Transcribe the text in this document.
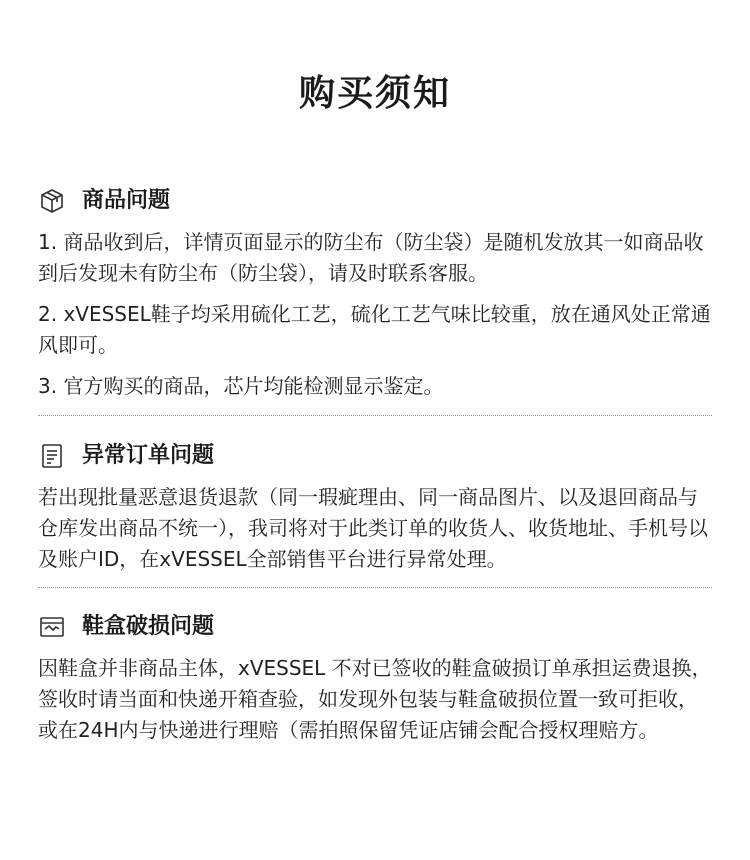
购买须知
商品问题

1. 商品收到后，详情页面显示的防尘布（防尘袋）是随机发放其一如商品收到后发现未有防尘布（防尘袋），请及时联系客服。

2. xVESSEL鞋子均采用硫化工艺，硫化工艺气味比较重，放在通风处正常通风即可。

3. 官方购买的商品，芯片均能检测显示鉴定。

异常订单问题

若出现批量恶意退货退款（同一瑕疵理由、同一商品图片、以及退回商品与仓库发出商品不统一），我司将对于此类订单的收货人、收货地址、手机号以及账户ID，在xVESSEL全部销售平台进行异常处理。

鞋盒破损问题

因鞋盒并非商品主体，xVESSEL 不对已签收的鞋盒破损订单承担运费退换，签收时请当面和快递开箱查验，如发现外包装与鞋盒破损位置一致可拒收，或在24H内与快递进行理赔（需拍照保留凭证店铺会配合授权理赔方。
